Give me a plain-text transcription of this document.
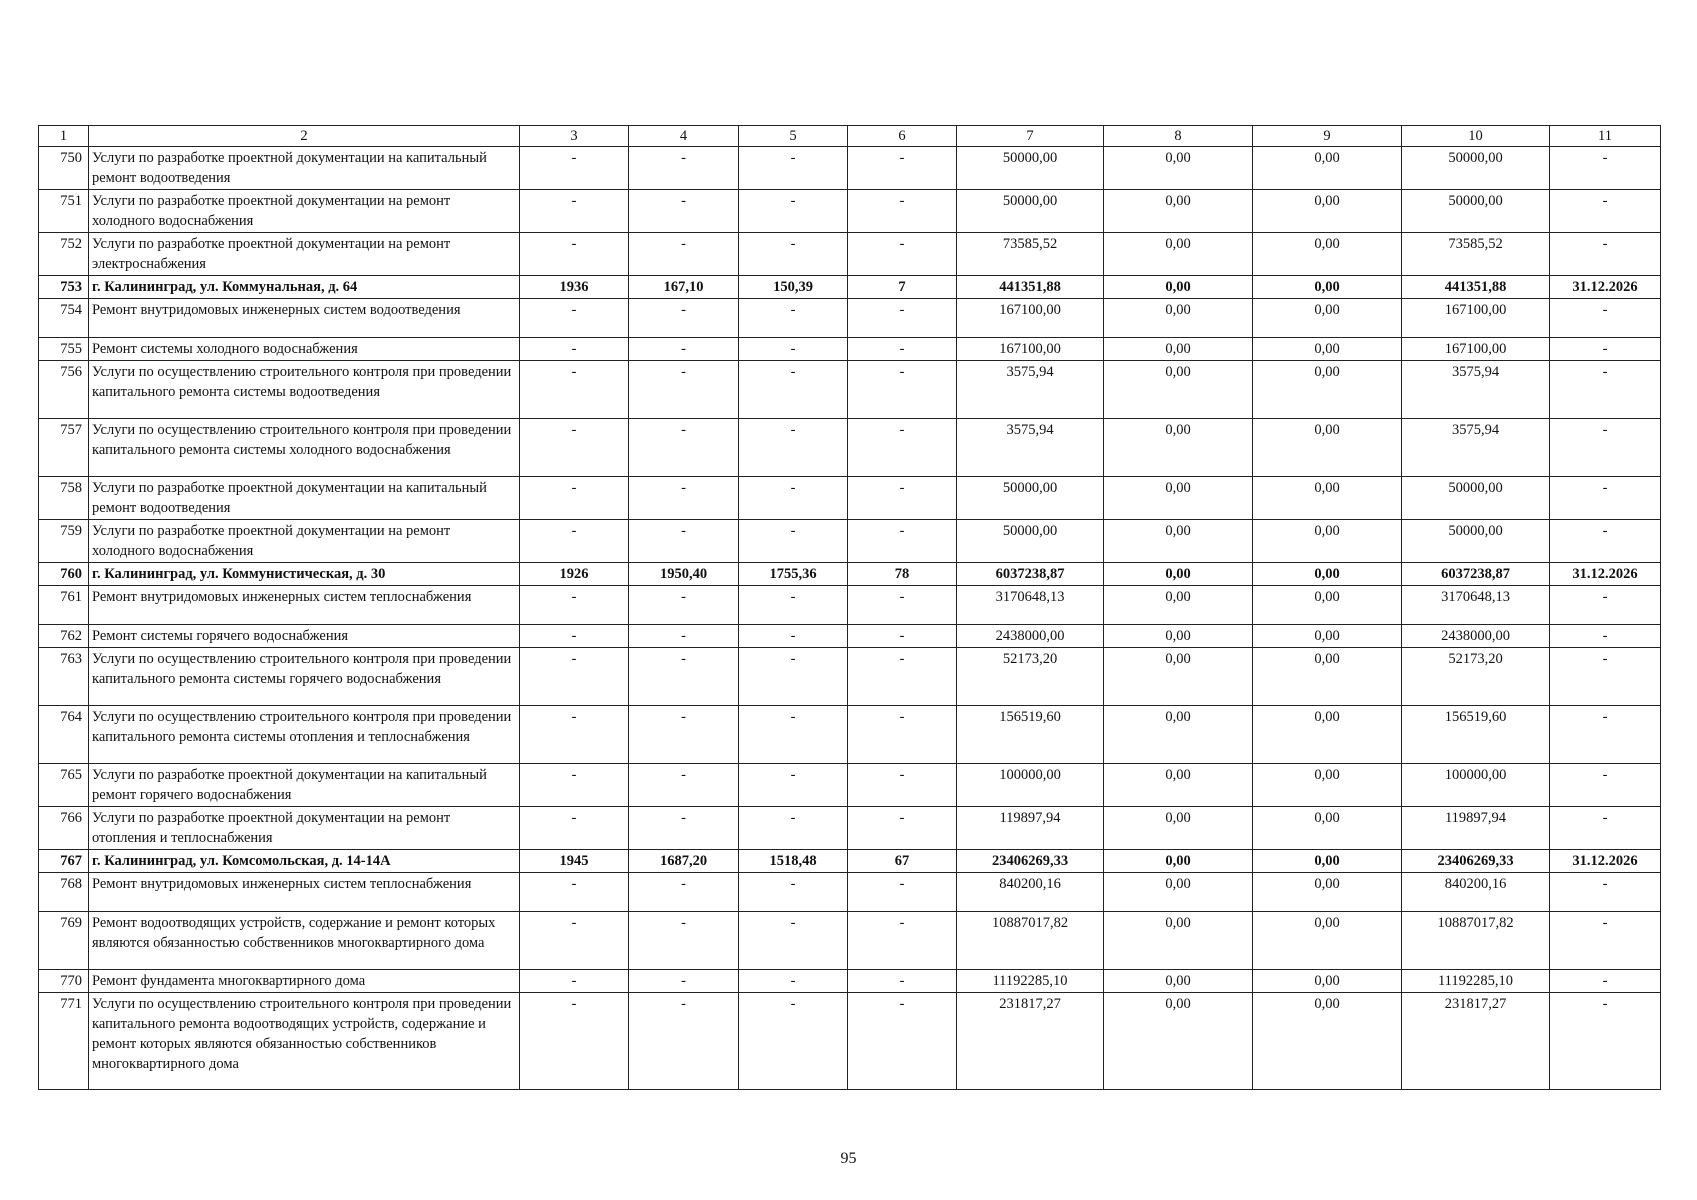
1	2	3	4	5	6	7	8	9	10	11
750	Услуги по разработке проектной документации на капитальный ремонт водоотведения	-	-	-	-	50000,00	0,00	0,00	50000,00	-
751	Услуги по разработке проектной документации на ремонт холодного водоснабжения	-	-	-	-	50000,00	0,00	0,00	50000,00	-
752	Услуги по разработке проектной документации на ремонт электроснабжения	-	-	-	-	73585,52	0,00	0,00	73585,52	-
753	г. Калининград, ул. Коммунальная, д. 64	1936	167,10	150,39	7	441351,88	0,00	0,00	441351,88	31.12.2026
754	Ремонт внутридомовых инженерных систем водоотведения	-	-	-	-	167100,00	0,00	0,00	167100,00	-
755	Ремонт системы холодного водоснабжения	-	-	-	-	167100,00	0,00	0,00	167100,00	-
756	Услуги по осуществлению строительного контроля при проведении капитального ремонта системы водоотведения	-	-	-	-	3575,94	0,00	0,00	3575,94	-
757	Услуги по осуществлению строительного контроля при проведении капитального ремонта системы холодного водоснабжения	-	-	-	-	3575,94	0,00	0,00	3575,94	-
758	Услуги по разработке проектной документации на капитальный ремонт водоотведения	-	-	-	-	50000,00	0,00	0,00	50000,00	-
759	Услуги по разработке проектной документации на ремонт холодного водоснабжения	-	-	-	-	50000,00	0,00	0,00	50000,00	-
760	г. Калининград, ул. Коммунистическая, д. 30	1926	1950,40	1755,36	78	6037238,87	0,00	0,00	6037238,87	31.12.2026
761	Ремонт внутридомовых инженерных систем теплоснабжения	-	-	-	-	3170648,13	0,00	0,00	3170648,13	-
762	Ремонт системы горячего водоснабжения	-	-	-	-	2438000,00	0,00	0,00	2438000,00	-
763	Услуги по осуществлению строительного контроля при проведении капитального ремонта системы горячего водоснабжения	-	-	-	-	52173,20	0,00	0,00	52173,20	-
764	Услуги по осуществлению строительного контроля при проведении капитального ремонта системы отопления и теплоснабжения	-	-	-	-	156519,60	0,00	0,00	156519,60	-
765	Услуги по разработке проектной документации на капитальный ремонт горячего водоснабжения	-	-	-	-	100000,00	0,00	0,00	100000,00	-
766	Услуги по разработке проектной документации на ремонт отопления и теплоснабжения	-	-	-	-	119897,94	0,00	0,00	119897,94	-
767	г. Калининград, ул. Комсомольская, д. 14-14А	1945	1687,20	1518,48	67	23406269,33	0,00	0,00	23406269,33	31.12.2026
768	Ремонт внутридомовых инженерных систем теплоснабжения	-	-	-	-	840200,16	0,00	0,00	840200,16	-
769	Ремонт водоотводящих устройств, содержание и ремонт которых являются обязанностью собственников многоквартирного дома	-	-	-	-	10887017,82	0,00	0,00	10887017,82	-
770	Ремонт фундамента многоквартирного дома	-	-	-	-	11192285,10	0,00	0,00	11192285,10	-
771	Услуги по осуществлению строительного контроля при проведении капитального ремонта водоотводящих устройств, содержание и ремонт которых являются обязанностью собственников многоквартирного дома	-	-	-	-	231817,27	0,00	0,00	231817,27	-
95
